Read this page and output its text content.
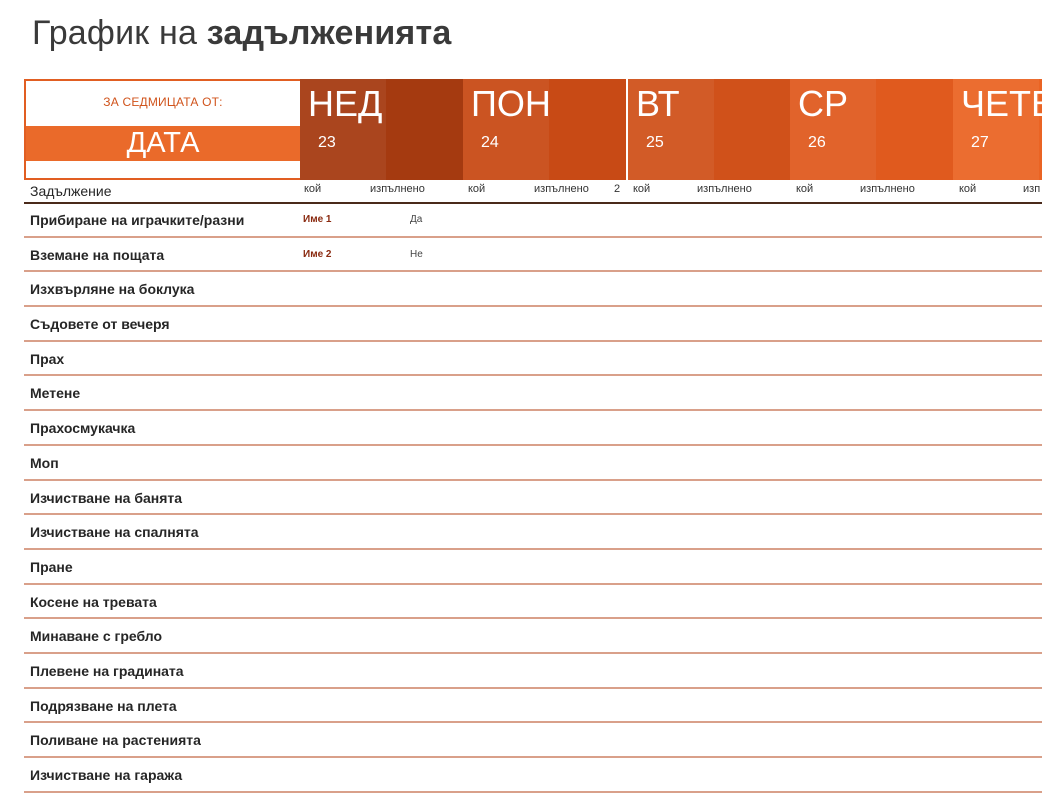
График на задълженията
ЗА СЕДМИЦАТА ОТ:
ДАТА
НЕД
23
ПОН
24
ВТ
25
СР
26
ЧЕТВ
27
Задължение	кой	изпълнено	кой	изпълнено	кой	изпълнено	кой	изпълнено	кой	изп
2
Прибиране на играчките/разни	Име 1	Да
Вземане на пощата	Име 2	Не
Изхвърляне на боклука
Съдовете от вечеря
Прах
Метене
Прахосмукачка
Моп
Изчистване на банята
Изчистване на спалнята
Пране
Косене на тревата
Минаване с гребло
Плевене на градината
Подрязване на плета
Поливане на растенията
Изчистване на гаража
